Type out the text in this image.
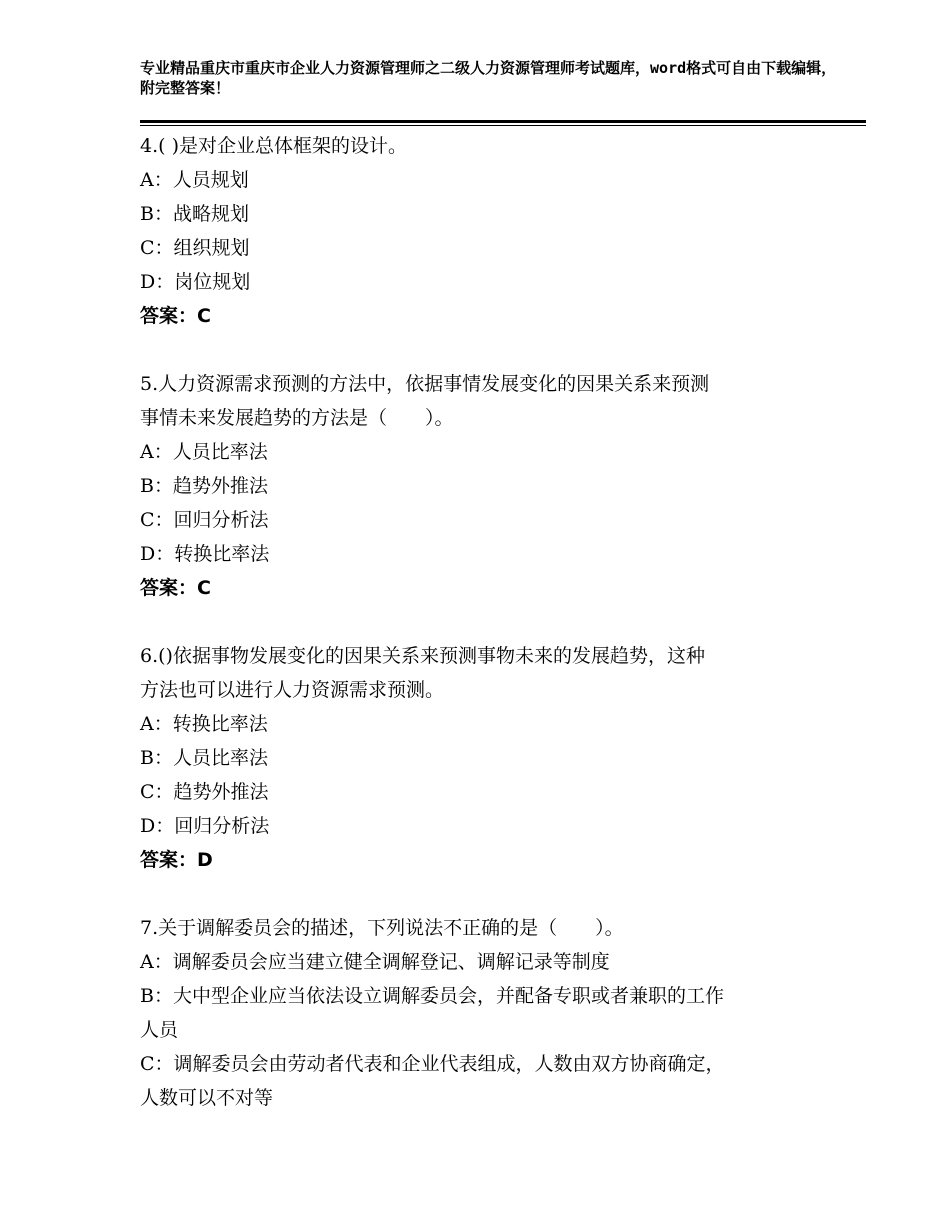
专业精品重庆市重庆市企业人力资源管理师之二级人力资源管理师考试题库，word格式可自由下载编辑，附完整答案！
4.( )是对企业总体框架的设计。
A：人员规划
B：战略规划
C：组织规划
D：岗位规划
答案：C
5.人力资源需求预测的方法中，依据事情发展变化的因果关系来预测
事情未来发展趋势的方法是（　　）。
A：人员比率法
B：趋势外推法
C：回归分析法
D：转换比率法
答案：C
6.()依据事物发展变化的因果关系来预测事物未来的发展趋势，这种
方法也可以进行人力资源需求预测。
A：转换比率法
B：人员比率法
C：趋势外推法
D：回归分析法
答案：D
7.关于调解委员会的描述，下列说法不正确的是（　　）。
A：调解委员会应当建立健全调解登记、调解记录等制度
B：大中型企业应当依法设立调解委员会，并配备专职或者兼职的工作
人员
C：调解委员会由劳动者代表和企业代表组成，人数由双方协商确定，
人数可以不对等
